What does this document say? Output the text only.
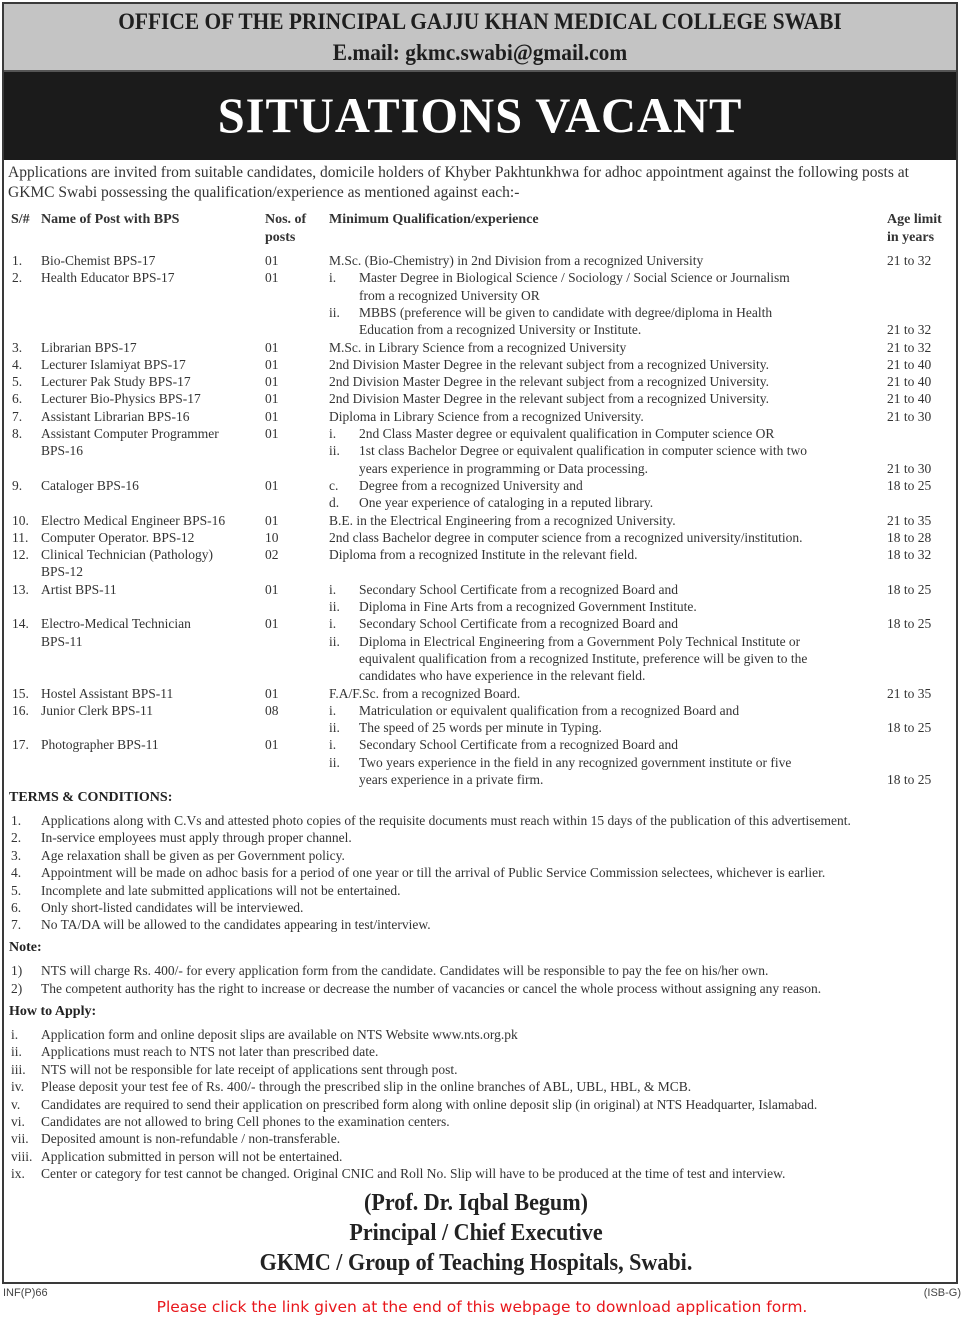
OFFICE OF THE PRINCIPAL GAJJU KHAN MEDICAL COLLEGE SWABI
E.mail: gkmc.swabi@gmail.com
SITUATIONS VACANT
Applications are invited from suitable candidates, domicile holders of Khyber Pakhtunkhwa for adhoc appointment against the following posts at GKMC Swabi possessing the qualification/experience as mentioned against each:-
S/# Name of Post with BPS	Nos. of
posts
Minimum Qualification/experience	Age limit
in years
1. Bio-Chemist BPS-17	01	M.Sc. (Bio-Chemistry) in 2nd Division from a recognized University	21 to 32
2. Health Educator BPS-17	01	i. Master Degree in Biological Science / Sociology / Social Science or Journalism
from a recognized University OR
ii. MBBS (preference will be given to candidate with degree/diploma in Health
Education from a recognized University or Institute.	21 to 32
3. Librarian BPS-17	01	M.Sc. in Library Science from a recognized University	21 to 32
4. Lecturer Islamiyat BPS-17	01	2nd Division Master Degree in the relevant subject from a recognized University.	21 to 40
5. Lecturer Pak Study BPS-17	01	2nd Division Master Degree in the relevant subject from a recognized University.	21 to 40
6. Lecturer Bio-Physics BPS-17	01	2nd Division Master Degree in the relevant subject from a recognized University.	21 to 40
7. Assistant Librarian BPS-16	01	Diploma in Library Science from a recognized University.	21 to 30
8. Assistant Computer Programmer
BPS-16
01	i. 2nd Class Master degree or equivalent qualification in Computer science OR
ii. 1st class Bachelor Degree or equivalent qualification in computer science with two
years experience in programming or Data processing.	21 to 30
9. Cataloger BPS-16	01	c. Degree from a recognized University and	18 to 25
d. One year experience of cataloging in a reputed library.
10. Electro Medical Engineer BPS-16	01	B.E. in the Electrical Engineering from a recognized University.	21 to 35
11. Computer Operator. BPS-12	10	2nd class Bachelor degree in computer science from a recognized university/institution.	18 to 28
12. Clinical Technician (Pathology)
BPS-12
02	Diploma from a recognized Institute in the relevant field.	18 to 32
13. Artist BPS-11	01	i. Secondary School Certificate from a recognized Board and	18 to 25
ii. Diploma in Fine Arts from a recognized Government Institute.
14. Electro-Medical Technician
BPS-11
01	i. Secondary School Certificate from a recognized Board and	18 to 25
ii. Diploma in Electrical Engineering from a Government Poly Technical Institute or
equivalent qualification from a recognized Institute, preference will be given to the
candidates who have experience in the relevant field.
15. Hostel Assistant BPS-11	01	F.A/F.Sc. from a recognized Board.	21 to 35
16. Junior Clerk BPS-11	08	i. Matriculation or equivalent qualification from a recognized Board and
ii. The speed of 25 words per minute in Typing.	18 to 25
17. Photographer BPS-11	01	i. Secondary School Certificate from a recognized Board and
ii. Two years experience in the field in any recognized government institute or five
years experience in a private firm.	18 to 25
TERMS & CONDITIONS:
1. Applications along with C.Vs and attested photo copies of the requisite documents must reach within 15 days of the publication of this advertisement.
2. In-service employees must apply through proper channel.
3. Age relaxation shall be given as per Government policy.
4. Appointment will be made on adhoc basis for a period of one year or till the arrival of Public Service Commission selectees, whichever is earlier.
5. Incomplete and late submitted applications will not be entertained.
6. Only short-listed candidates will be interviewed.
7. No TA/DA will be allowed to the candidates appearing in test/interview.
Note:
1) NTS will charge Rs. 400/- for every application form from the candidate. Candidates will be responsible to pay the fee on his/her own.
2) The competent authority has the right to increase or decrease the number of vacancies or cancel the whole process without assigning any reason.
How to Apply:
i. Application form and online deposit slips are available on NTS Website www.nts.org.pk
ii. Applications must reach to NTS not later than prescribed date.
iii. NTS will not be responsible for late receipt of applications sent through post.
iv. Please deposit your test fee of Rs. 400/- through the prescribed slip in the online branches of ABL, UBL, HBL, & MCB.
v. Candidates are required to send their application on prescribed form along with online deposit slip (in original) at NTS Headquarter, Islamabad.
vi. Candidates are not allowed to bring Cell phones to the examination centers.
vii. Deposited amount is non-refundable / non-transferable.
viii. Application submitted in person will not be entertained.
ix. Center or category for test cannot be changed. Original CNIC and Roll No. Slip will have to be produced at the time of test and interview.
(Prof. Dr. Iqbal Begum)
Principal / Chief Executive
GKMC / Group of Teaching Hospitals, Swabi.
INF(P)66	(ISB-G)
Please click the link given at the end of this webpage to download application form.
